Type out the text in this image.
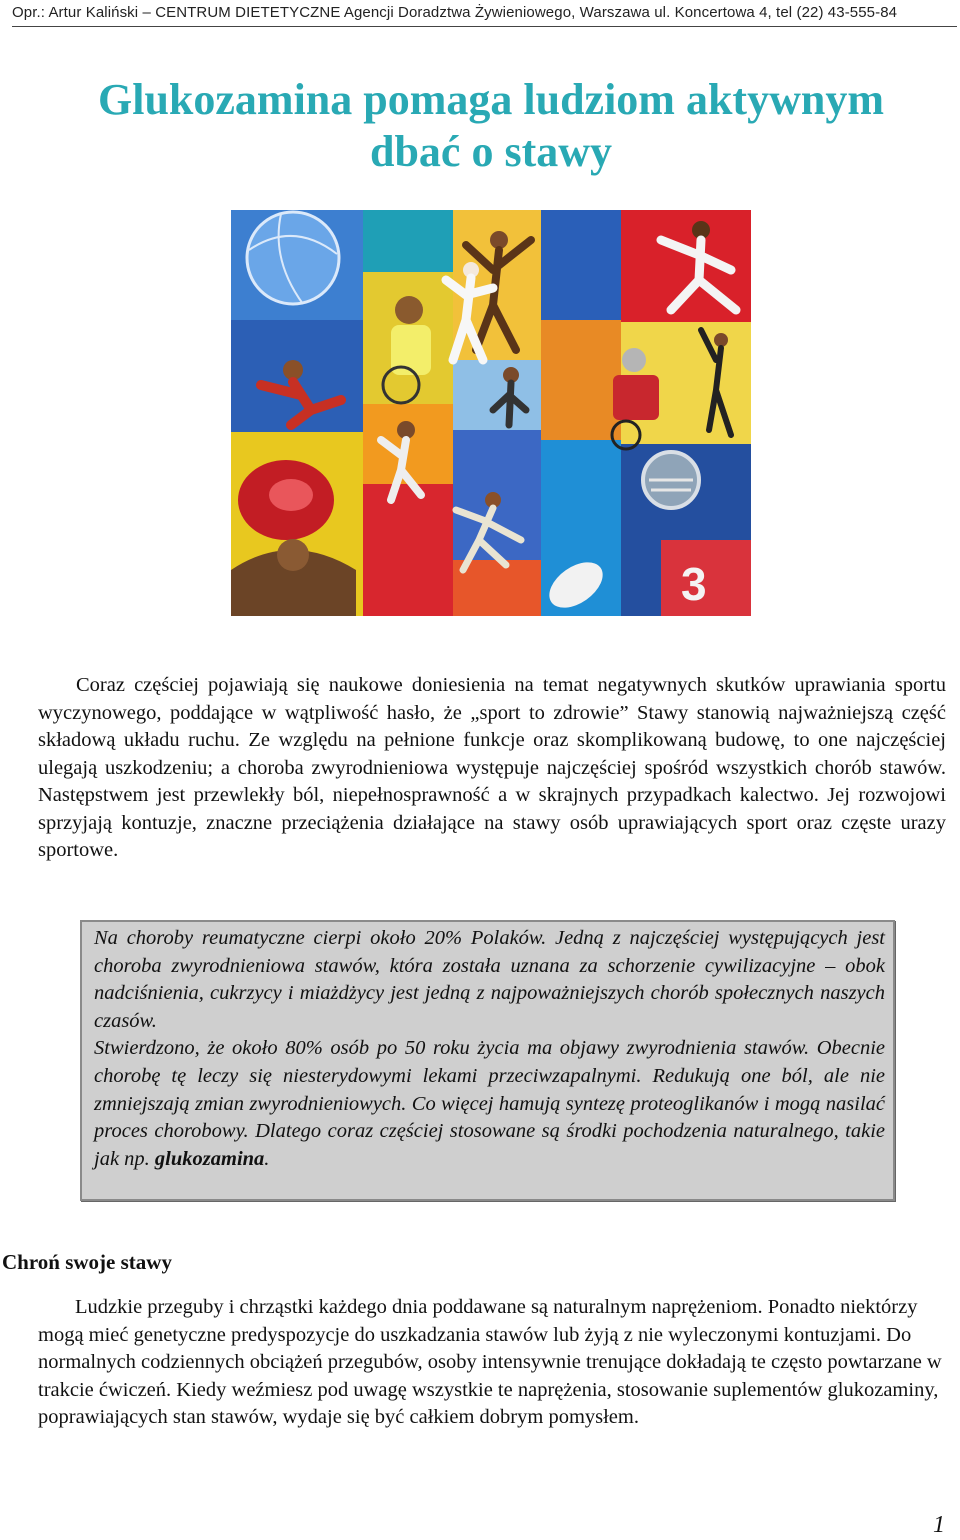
Opr.: Artur Kaliński – CENTRUM DIETETYCZNE Agencji Doradztwa Żywieniowego, Warszawa ul. Koncertowa 4, tel (22) 43-555-84
Glukozamina pomaga ludziom aktywnym
dbać o stawy
3
Coraz częściej pojawiają się naukowe doniesienia na temat negatywnych skutków uprawiania sportu wyczynowego, poddające w wątpliwość hasło, że „sport to zdrowie” Stawy stanowią najważniejszą część składową układu ruchu. Ze względu na pełnione funkcje oraz skomplikowaną budowę, to one najczęściej ulegają uszkodzeniu; a choroba zwyrodnieniowa występuje najczęściej spośród wszystkich chorób stawów. Następstwem jest przewlekły ból, niepełnosprawność a w skrajnych przypadkach kalectwo. Jej rozwojowi sprzyjają kontuzje, znaczne przeciążenia działające na stawy osób uprawiających sport oraz częste urazy sportowe.

Na choroby reumatyczne cierpi około 20% Polaków. Jedną z najczęściej występujących jest choroba zwyrodnieniowa stawów, która została uznana za schorzenie cywilizacyjne – obok nadciśnienia, cukrzycy i miażdżycy jest jedną z najpoważniejszych chorób społecznych naszych czasów.

Stwierdzono, że około 80% osób po 50 roku życia ma objawy zwyrodnienia stawów. Obecnie chorobę tę leczy się niesterydowymi lekami przeciwzapalnymi. Redukują one ból, ale nie zmniejszają zmian zwyrodnieniowych. Co więcej hamują syntezę proteoglikanów i mogą nasilać proces chorobowy. Dlatego coraz częściej stosowane są środki pochodzenia naturalnego, takie jak np. glukozamina.

Chroń swoje stawy
Ludzkie przeguby i chrząstki każdego dnia poddawane są naturalnym naprężeniom. Ponadto niektórzy mogą mieć genetyczne predyspozycje do uszkadzania stawów lub żyją z nie wyleczonymi kontuzjami. Do normalnych codziennych obciążeń przegubów, osoby intensywnie trenujące dokładają te często powtarzane w trakcie ćwiczeń. Kiedy weźmiesz pod uwagę wszystkie te naprężenia, stosowanie suplementów glukozaminy, poprawiających stan stawów, wydaje się być całkiem dobrym pomysłem.
1
